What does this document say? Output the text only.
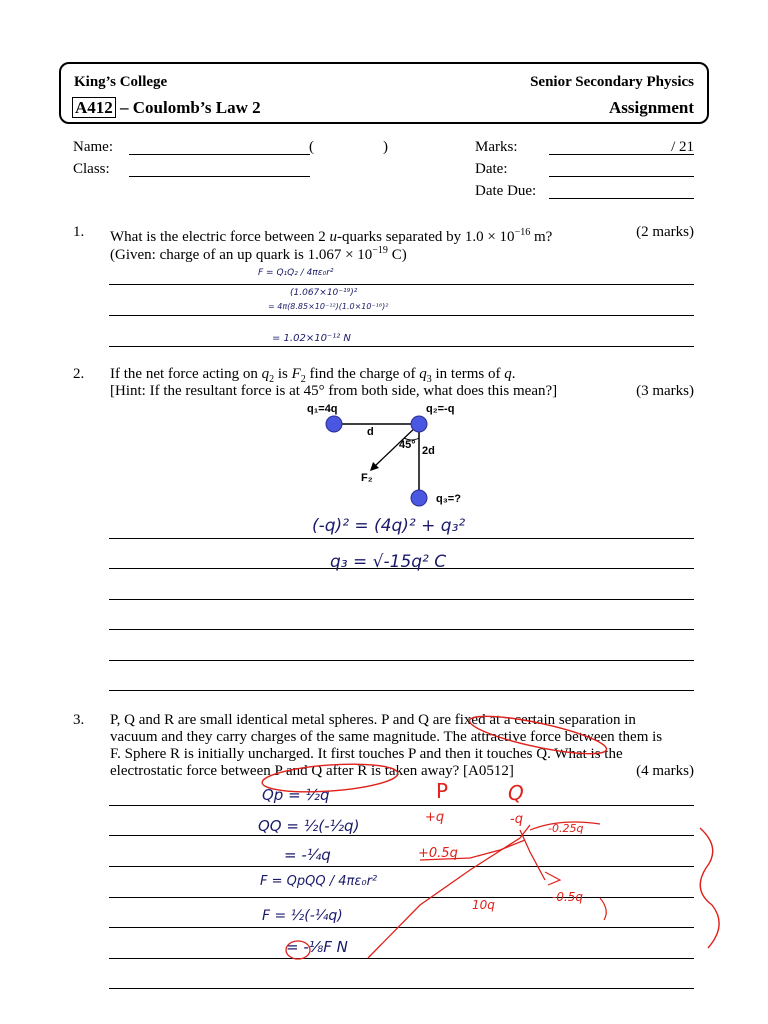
King’s College	Senior Secondary Physics
A412 – Coulomb’s Law 2	Assignment
Name:	(	)
Class:
Marks:	/ 21
Date:
Date Due:
1. What is the electric force between 2 u-quarks separated by $1.0 \times 10^{-16}$ m?	(2 marks)
(Given: charge of an up quark is $1.067 \times 10^{-19}$ C)
F = Q₁Q₂ / 4πε₀r²
(1.067×10⁻¹⁹)²
= 4π(8.85×10⁻¹²)(1.0×10⁻¹⁶)²
= 1.02×10⁻¹² N
2. If the net force acting on $q_2$ is $F_2$ find the charge of $q_3$ in terms of q.
[Hint: If the resultant force is at 45° from both side, what does this mean?]	(3 marks)
q₁=4q	q₂=-q
d
45° 2d
F₂
q₃=?
(-q)² = (4q)² + q₃²
q₃ = √-15q² C
3. P, Q and R are small identical metal spheres. P and Q are fixed at a certain separation in
vacuum and they carry charges of the same magnitude. The attractive force between them is
F. Sphere R is initially uncharged. It first touches P and then it touches Q. What is the
electrostatic force between P and Q after R is taken away? [A0512]	(4 marks)
Qp = ½q
QQ = ½(-½q)
= -¼q
F = QpQQ / 4πε₀r²
F = ½(-¼q)
= -⅛F N
P	Q
+q	-q
+0.5q
-0.25q
-0.5q
10q
